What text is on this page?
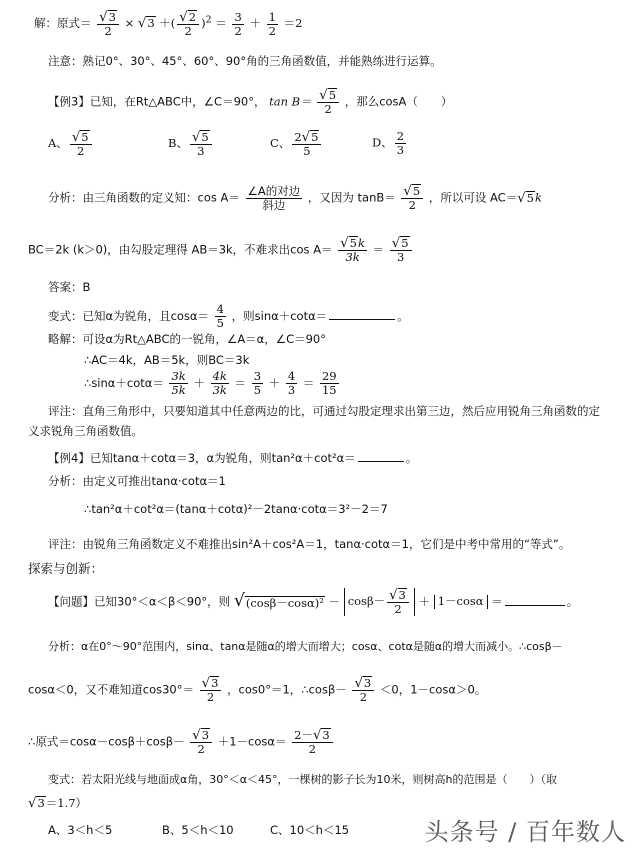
解：原式＝ $\frac{√ 3}{2}$ × √ 3 ＋( $\frac{√ 2}{2} )^2 = \frac{3}{2} + \frac{1}{2} =2$
注意：熟记0°、30°、45°、60°、90°角的三角函数值，并能熟练进行运算。
【例3】已知，在Rt△ABC中，∠C＝90°， $\tan B= \frac{√ 5}{2}$ ，那么cosA（　　）
A、 $\frac{√ 5}{2}$	B、 $\frac{√ 5}{3}$	C、 $\frac{2 √ 5}{5}$	D、 $\frac{2}{3}$
分析：由三角函数的定义知：cos A＝
∠A的对边
斜边 ，又因为 $\tan B= \frac{√ 5}{2}$ ，所以可设 AC＝ √ 5 k
BC＝2k (k＞0)，由勾股定理得 AB＝3k，不难求出$\cos A= \frac{√ 5 k}{3k} = \frac{√ 5}{3}$
答案：B
变式：已知α为锐角，且$\cos\alpha= \frac{4}{5}$ ，则sinα＋cotα＝	。
略解：可设α为Rt△ABC的一锐角，∠A＝α，∠C＝90°
∴AC＝4k，AB＝5k，则BC＝3k
∴sinα＋cotα＝ $\frac{3k}{5k} + \frac{4k}{3k} = \frac{3}{5} + \frac{4}{3} = \frac{29}{15}$
评注：直角三角形中，只要知道其中任意两边的比，可通过勾股定理求出第三边，然后应用锐角三角函数的定
义求锐角三角函数值。
【例4】已知tanα＋cotα＝3，α为锐角，则tan²α＋cot²α＝	。
分析：由定义可推出tanα·cotα＝1
∴tan²α＋cot²α＝(tanα＋cotα)²－2tanα·cotα＝3²－2＝7
评注：由锐角三角函数定义不难推出sin²A＋cos²A＝1，tanα·cotα＝1，它们是中考中常用的“等式”。
探索与创新：
【问题】已知30°＜α＜β＜90°，则 √ $(\cos\beta-\cos\alpha)^2 - \cos\beta- \frac{√ 3}{2} + 1-\cos\alpha$ ＝	。
分析：α在0°～90°范围内，sinα、tanα是随α的增大而增大；cosα、cotα是随α的增大而减小。∴cosβ－
cosα＜0，又不难知道$\cos 30^\circ= \frac{√ 3}{2}$ ，cos0°＝1，∴cosβ－ $\frac{√ 3}{2} <0$，1－cosα＞0。
∴原式$=\cos\alpha-\cos\beta+\cos\beta- \frac{√ 3}{2} +1-\cos\alpha= \frac{2- √ 3}{2}$
变式：若太阳光线与地面成α角，30°＜α＜45°，一棵树的影子长为10米，则树高h的范围是（　　）（取
√ 3 ＝1.7）
A、3＜h＜5	B、5＜h＜10	C、10＜h＜15	头条号 / 百年数人
